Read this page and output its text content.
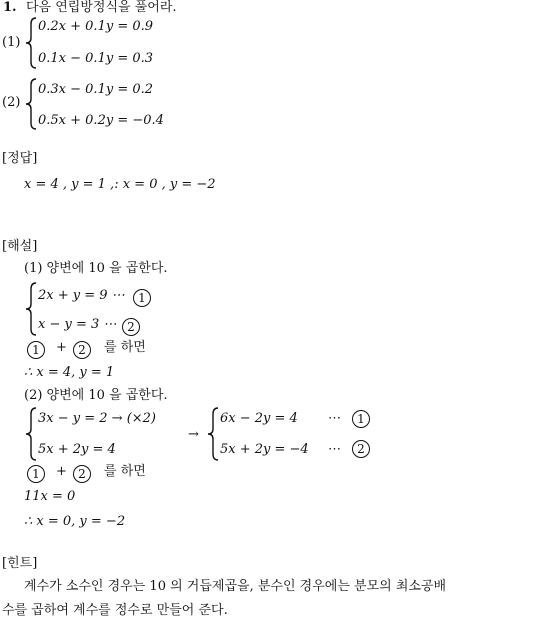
1. 다음 연립방정식을 풀어라.
(1)
0.2x + 0.1y = 0.9
0.1x − 0.1y = 0.3
(2)
0.3x − 0.1y = 0.2
0.5x + 0.2y = −0.4
[정답]
x = 4 , y = 1 ,: x = 0 , y = −2
[해설]
(1) 양변에 10 을 곱한다.
2x + y = 9 ⋯	1
x − y = 3 ⋯ 2
1	+ 2	를 하면
∴ x = 4, y = 1
(2) 양변에 10 을 곱한다.
3x − y = 2 → (×2)
5x + 2y = 4
→
6x − 2y = 4 ⋯	1
5x + 2y = −4 ⋯	2
1	+ 2	를 하면
11x = 0
∴ x = 0, y = −2
[힌트]
계수가 소수인 경우는 10 의 거듭제곱을, 분수인 경우에는 분모의 최소공배
수를 곱하여 계수를 정수로 만들어 준다.
